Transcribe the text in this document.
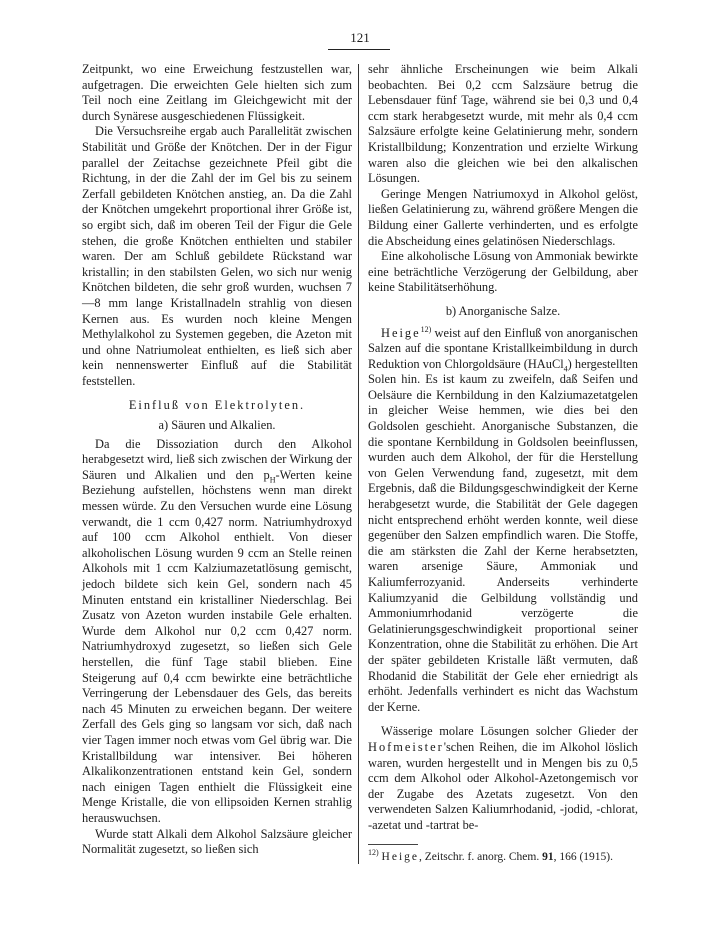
121

Zeitpunkt, wo eine Erweichung festzustellen war, aufgetragen. Die erweichten Gele hielten sich zum Teil noch eine Zeitlang im Gleichgewicht mit der durch Synärese ausgeschiedenen Flüssigkeit.

Die Versuchsreihe ergab auch Parallelität zwischen Stabilität und Größe der Knötchen. Der in der Figur parallel der Zeitachse gezeichnete Pfeil gibt die Richtung, in der die Zahl der im Gel bis zu seinem Zerfall gebildeten Knötchen anstieg, an. Da die Zahl der Knötchen umgekehrt proportional ihrer Größe ist, so ergibt sich, daß im oberen Teil der Figur die Gele stehen, die große Knötchen enthielten und stabiler waren. Der am Schluß gebildete Rückstand war kristallin; in den stabilsten Gelen, wo sich nur wenig Knötchen bildeten, die sehr groß wurden, wuchsen 7—8 mm lange Kristallnadeln strahlig von diesen Kernen aus. Es wurden noch kleine Mengen Methylalkohol zu Systemen gegeben, die Azeton mit und ohne Natriumoleat enthielten, es ließ sich aber kein nennenswerter Einfluß auf die Stabilität feststellen.

Einfluß von Elektrolyten.
a) Säuren und Alkalien.

Da die Dissoziation durch den Alkohol herabgesetzt wird, ließ sich zwischen der Wirkung der Säuren und Alkalien und den $p_H$-Werten keine Beziehung aufstellen, höchstens wenn man direkt messen würde. Zu den Versuchen wurde eine Lösung verwandt, die 1 ccm 0,427 norm. Natriumhydroxyd auf 100 ccm Alkohol enthielt. Von dieser alkoholischen Lösung wurden 9 ccm an Stelle reinen Alkohols mit 1 ccm Kalziumazetatlösung gemischt, jedoch bildete sich kein Gel, sondern nach 45 Minuten entstand ein kristalliner Niederschlag. Bei Zusatz von Azeton wurden instabile Gele erhalten. Wurde dem Alkohol nur 0,2 ccm 0,427 norm. Natriumhydroxyd zugesetzt, so ließen sich Gele herstellen, die fünf Tage stabil blieben. Eine Steigerung auf 0,4 ccm bewirkte eine beträchtliche Verringerung der Lebensdauer des Gels, das bereits nach 45 Minuten zu erweichen begann. Der weitere Zerfall des Gels ging so langsam vor sich, daß nach vier Tagen immer noch etwas vom Gel übrig war. Die Kristallbildung war intensiver. Bei höheren Alkalikonzentrationen entstand kein Gel, sondern nach einigen Tagen enthielt die Flüssigkeit eine Menge Kristalle, die von ellipsoiden Kernen strahlig herauswuchsen.

Wurde statt Alkali dem Alkohol Salzsäure gleicher Normalität zugesetzt, so ließen sich

sehr ähnliche Erscheinungen wie beim Alkali beobachten. Bei 0,2 ccm Salzsäure betrug die Lebensdauer fünf Tage, während sie bei 0,3 und 0,4 ccm stark herabgesetzt wurde, mit mehr als 0,4 ccm Salzsäure erfolgte keine Gelatinierung mehr, sondern Kristallbildung; Konzentration und erzielte Wirkung waren also die gleichen wie bei den alkalischen Lösungen.

Geringe Mengen Natriumoxyd in Alkohol gelöst, ließen Gelatinierung zu, während größere Mengen die Bildung einer Gallerte verhinderten, und es erfolgte die Abscheidung eines gelatinösen Niederschlags.

Eine alkoholische Lösung von Ammoniak bewirkte eine beträchtliche Verzögerung der Gelbildung, aber keine Stabilitätserhöhung.

b) Anorganische Salze.

Heige$^{12)}$ weist auf den Einfluß von anorganischen Salzen auf die spontane Kristallkeimbildung in durch Reduktion von Chlorgoldsäure (HAuCl$_4$) hergestellten Solen hin. Es ist kaum zu zweifeln, daß Seifen und Oelsäure die Kernbildung in den Kalziumazetatgelen in gleicher Weise hemmen, wie dies bei den Goldsolen geschieht. Anorganische Substanzen, die die spontane Kernbildung in Goldsolen beeinflussen, wurden auch dem Alkohol, der für die Herstellung von Gelen Verwendung fand, zugesetzt, mit dem Ergebnis, daß die Bildungsgeschwindigkeit der Kerne herabgesetzt wurde, die Stabilität der Gele dagegen nicht entsprechend erhöht werden konnte, weil diese gegenüber den Salzen empfindlich waren. Die Stoffe, die am stärksten die Zahl der Kerne herabsetzten, waren arsenige Säure, Ammoniak und Kaliumferrozyanid. Anderseits verhinderte Kaliumzyanid die Gelbildung vollständig und Ammoniumrhodanid verzögerte die Gelatinierungsgeschwindigkeit proportional seiner Konzentration, ohne die Stabilität zu erhöhen. Die Art der später gebildeten Kristalle läßt vermuten, daß Rhodanid die Stabilität der Gele eher erniedrigt als erhöht. Jedenfalls verhindert es nicht das Wachstum der Kerne.

Wässerige molare Lösungen solcher Glieder der Hofmeister'schen Reihen, die im Alkohol löslich waren, wurden hergestellt und in Mengen bis zu 0,5 ccm dem Alkohol oder Alkohol-Azetongemisch vor der Zugabe des Azetats zugesetzt. Von den verwendeten Salzen Kaliumrhodanid, -jodid, -chlorat, -azetat und -tartrat be-

$^{12)}$ Heige, Zeitschr. f. anorg. Chem. 91, 166 (1915).
